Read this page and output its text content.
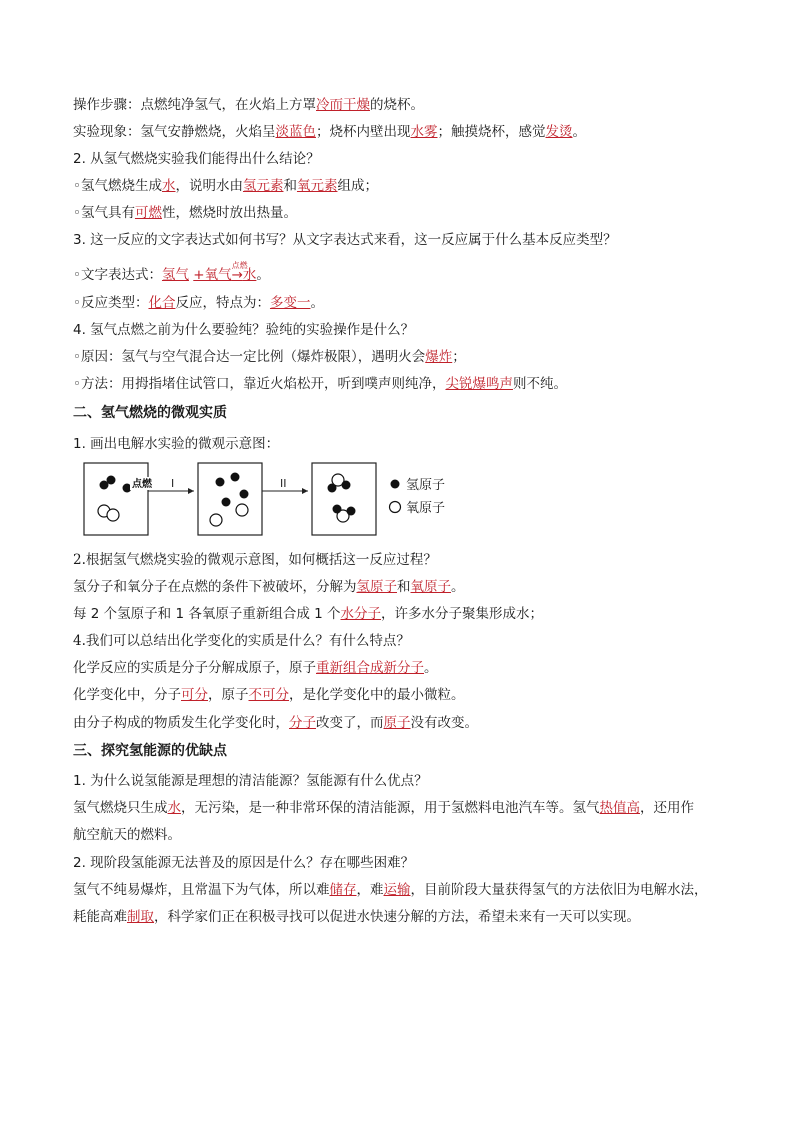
操作步骤：点燃纯净氢气，在火焰上方罩冷而干燥的烧杯。
实验现象：氢气安静燃烧，火焰呈淡蓝色；烧杯内壁出现水雾；触摸烧杯，感觉发烫。
2. 从氢气燃烧实验我们能得出什么结论？
◦氢气燃烧生成水，说明水由氢元素和氧元素组成；
◦氢气具有可燃性，燃烧时放出热量。
3. 这一反应的文字表达式如何书写？从文字表达式来看，这一反应属于什么基本反应类型？
◦文字表达式：氢气 +氧气
点燃
→水。
◦反应类型：化合反应，特点为：多变一。
4. 氢气点燃之前为什么要验纯？验纯的实验操作是什么？
◦原因：氢气与空气混合达一定比例（爆炸极限），遇明火会爆炸；
◦方法：用拇指堵住试管口，靠近火焰松开，听到噗声则纯净，尖锐爆鸣声则不纯。
二、氢气燃烧的微观实质
1. 画出电解水实验的微观示意图：
点燃 I	II	氢原子
氧原子
2.根据氢气燃烧实验的微观示意图，如何概括这一反应过程？
氢分子和氧分子在点燃的条件下被破坏，分解为氢原子和氧原子。
每 2 个氢原子和 1 各氧原子重新组合成 1 个水分子，许多水分子聚集形成水；
4.我们可以总结出化学变化的实质是什么？有什么特点？
化学反应的实质是分子分解成原子，原子重新组合成新分子。
化学变化中，分子可分，原子不可分，是化学变化中的最小微粒。
由分子构成的物质发生化学变化时，分子改变了，而原子没有改变。
三、探究氢能源的优缺点
1. 为什么说氢能源是理想的清洁能源？氢能源有什么优点？
氢气燃烧只生成水，无污染，是一种非常环保的清洁能源，用于氢燃料电池汽车等。氢气热值高，还用作
航空航天的燃料。
2. 现阶段氢能源无法普及的原因是什么？存在哪些困难？
氢气不纯易爆炸，且常温下为气体，所以难储存，难运输，目前阶段大量获得氢气的方法依旧为电解水法，
耗能高难制取，科学家们正在积极寻找可以促进水快速分解的方法，希望未来有一天可以实现。
